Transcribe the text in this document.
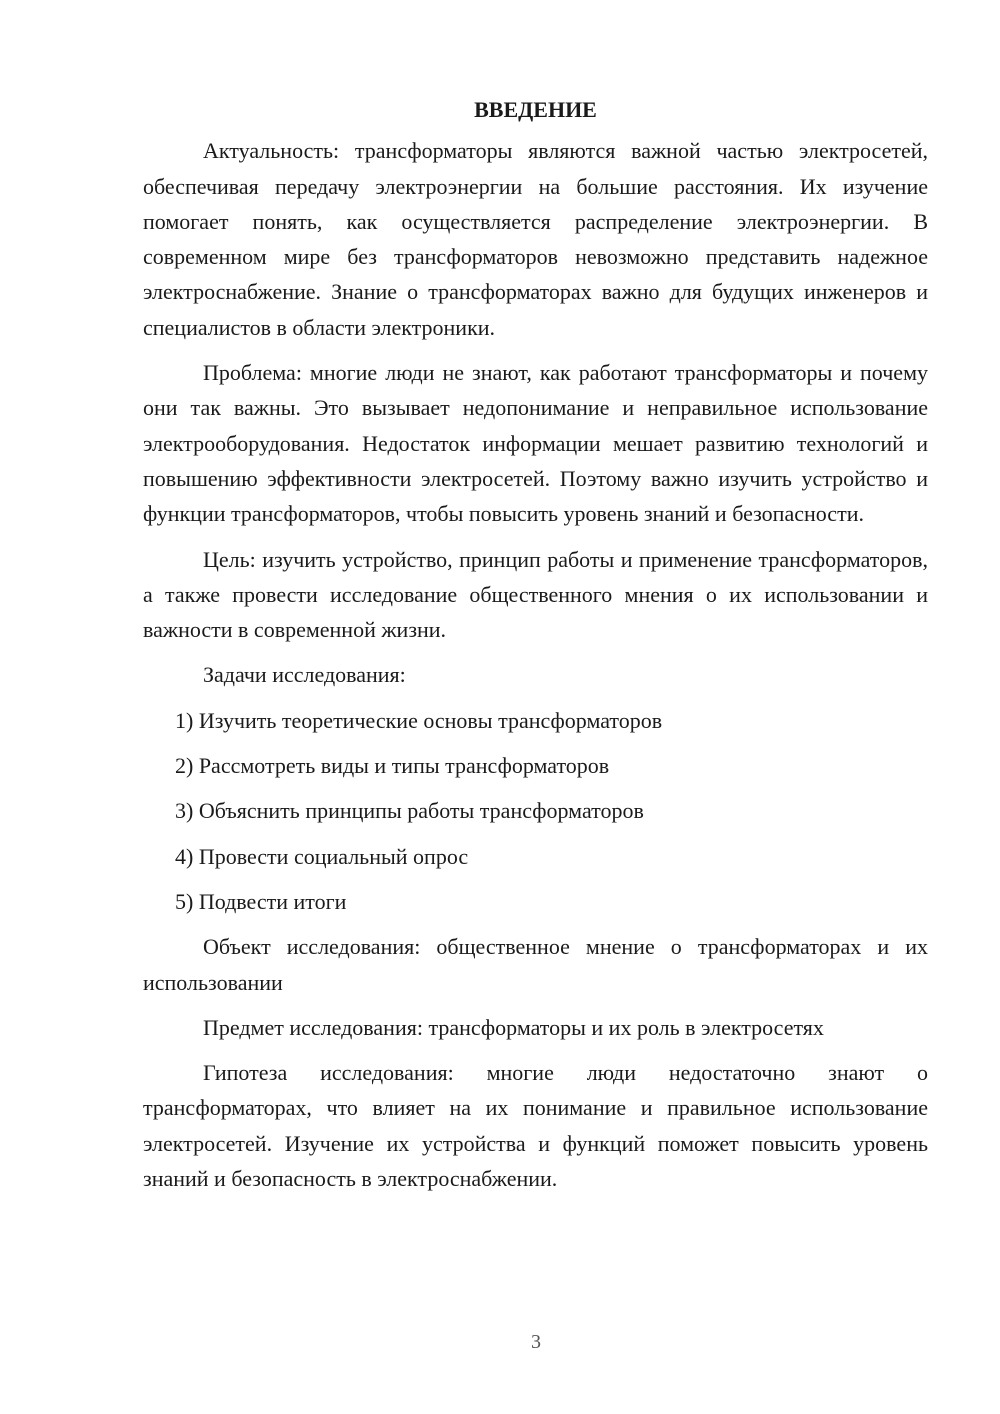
ВВЕДЕНИЕ

Актуальность: трансформаторы являются важной частью электросетей, обеспечивая передачу электроэнергии на большие расстояния. Их изучение помогает понять, как осуществляется распределение электроэнергии. В современном мире без трансформаторов невозможно представить надежное электроснабжение. Знание о трансформаторах важно для будущих инженеров и специалистов в области электроники.

Проблема: многие люди не знают, как работают трансформаторы и почему они так важны. Это вызывает недопонимание и неправильное использование электрооборудования. Недостаток информации мешает развитию технологий и повышению эффективности электросетей. Поэтому важно изучить устройство и функции трансформаторов, чтобы повысить уровень знаний и безопасности.

Цель: изучить устройство, принцип работы и применение трансформаторов, а также провести исследование общественного мнения о их использовании и важности в современной жизни.

Задачи исследования:

1) Изучить теоретические основы трансформаторов
2) Рассмотреть виды и типы трансформаторов
3) Объяснить принципы работы трансформаторов
4) Провести социальный опрос
5) Подвести итоги

Объект исследования: общественное мнение о трансформаторах и их использовании

Предмет исследования: трансформаторы и их роль в электросетях

Гипотеза исследования: многие люди недостаточно знают о трансформаторах, что влияет на их понимание и правильное использование электросетей. Изучение их устройства и функций поможет повысить уровень знаний и безопасность в электроснабжении.

3
